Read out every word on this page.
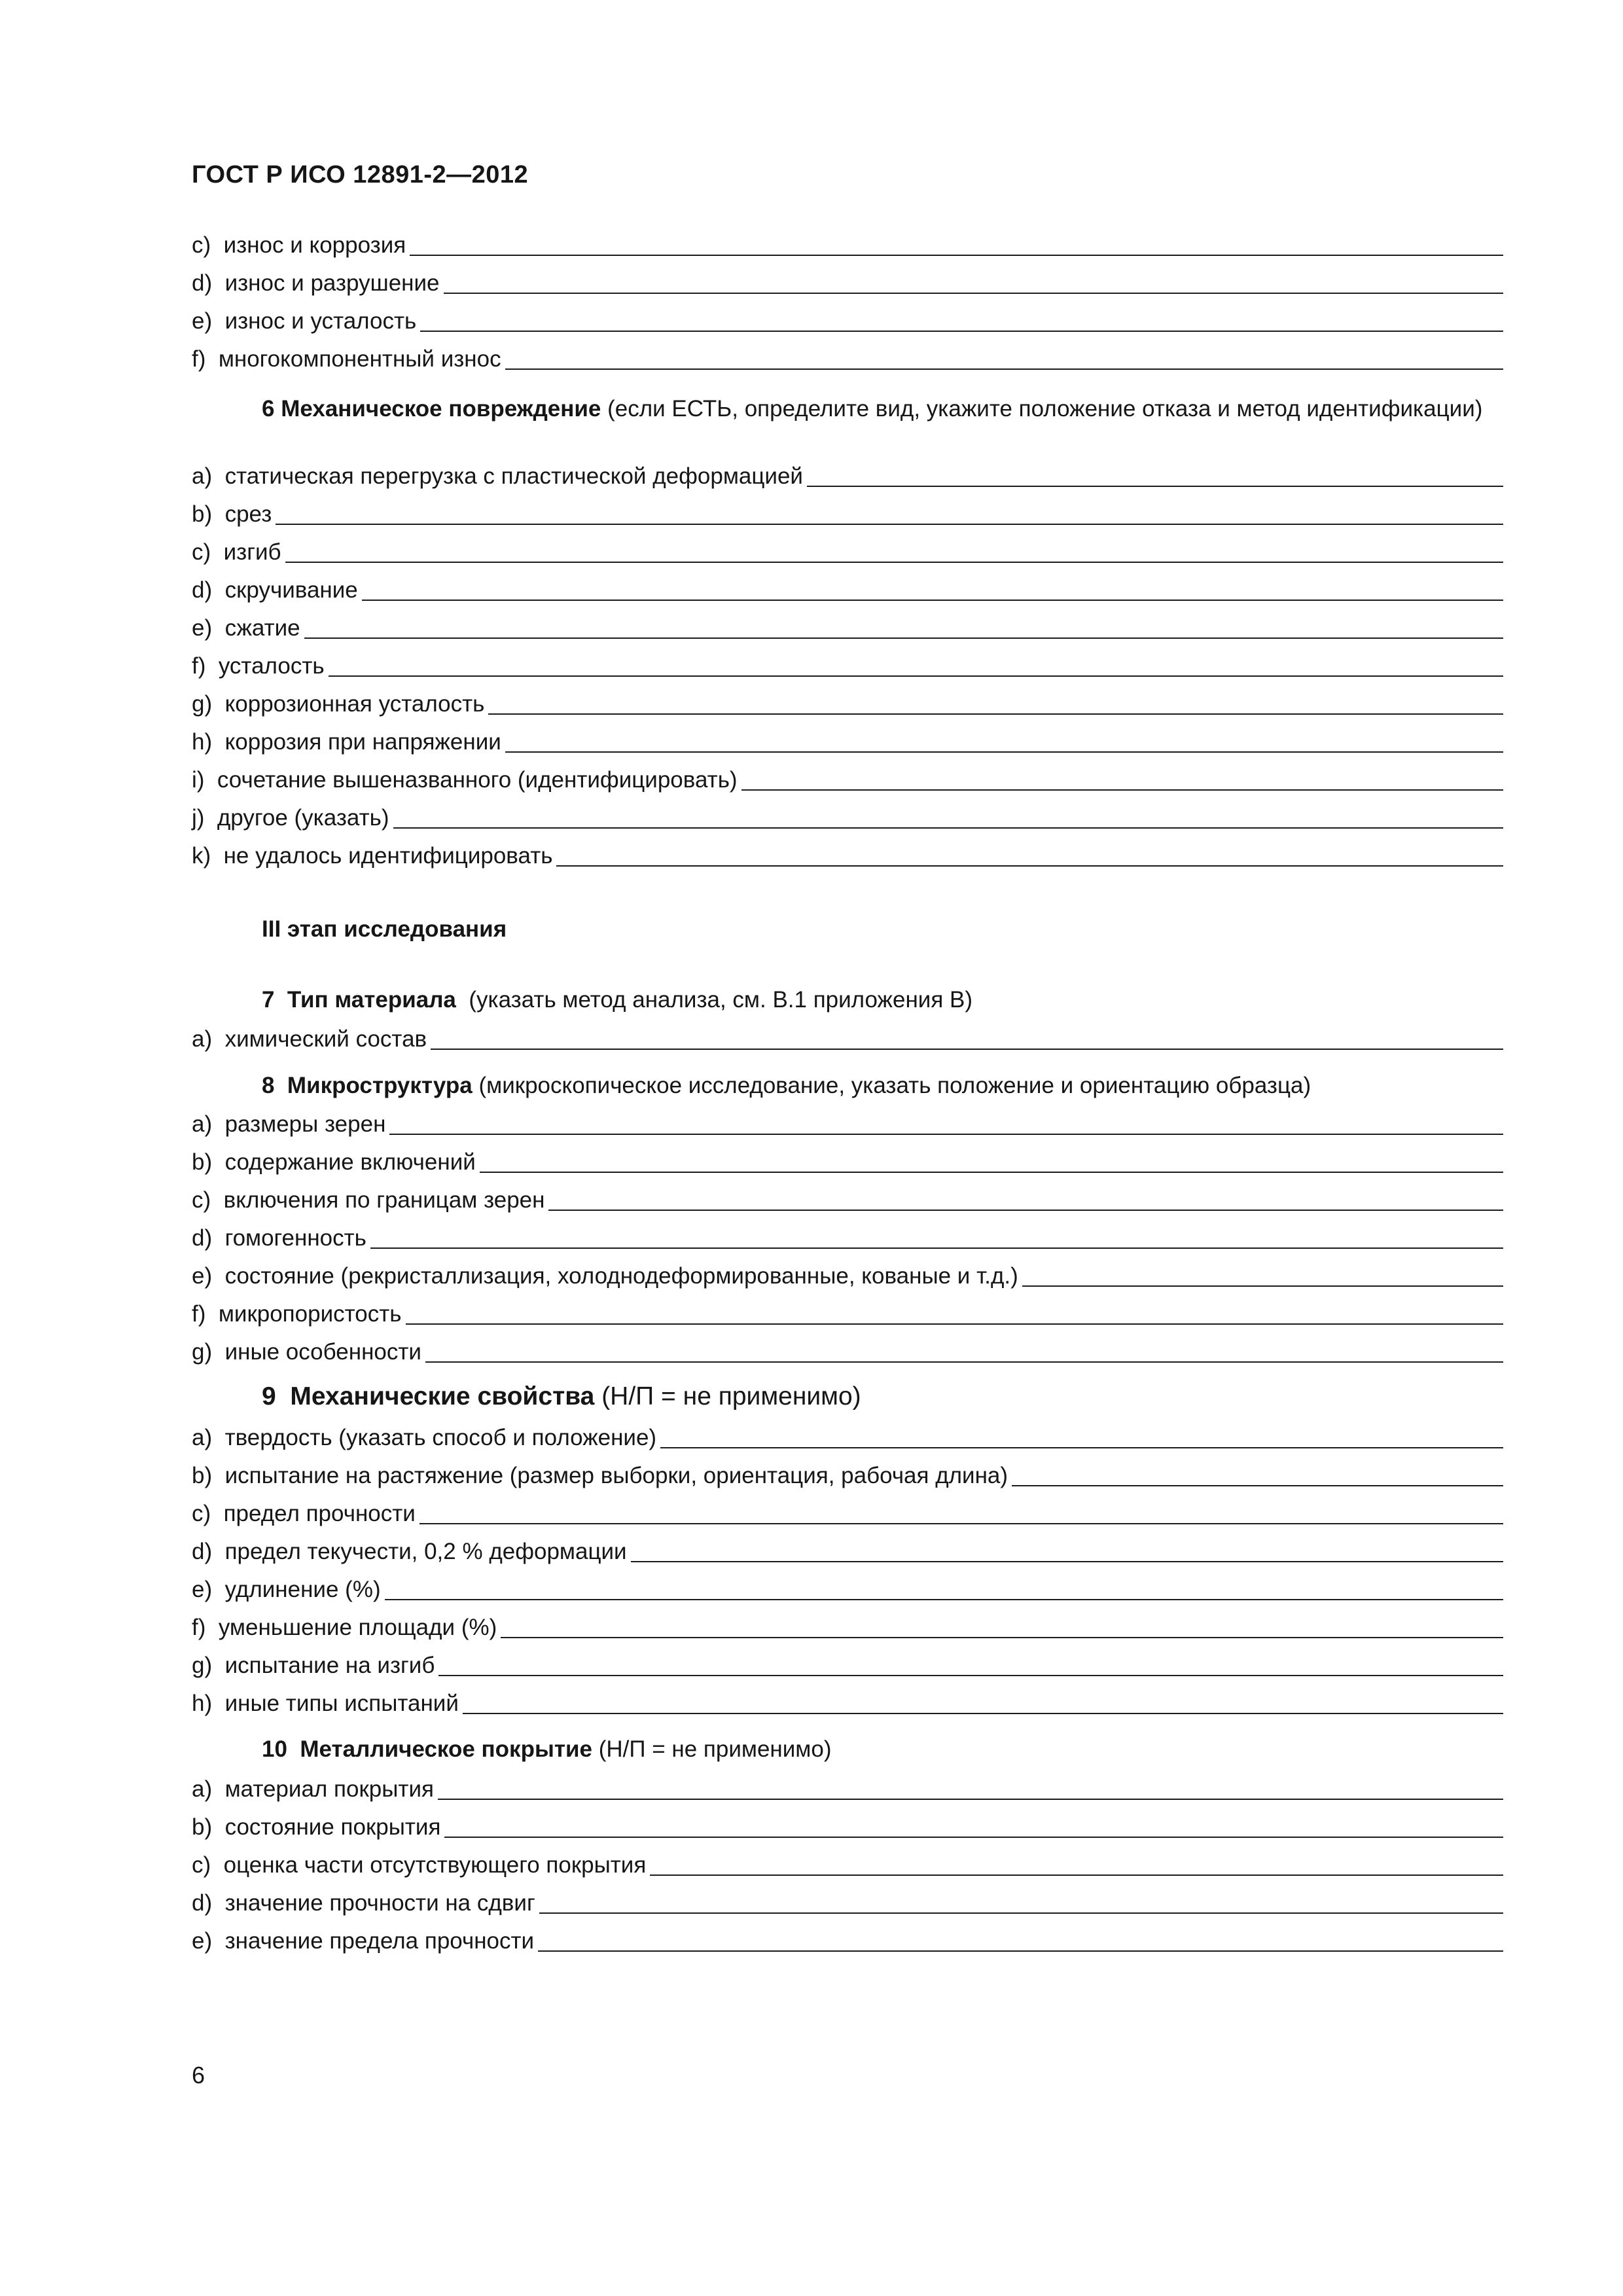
ГОСТ Р ИСО 12891-2—2012
c)  износ и коррозия
d)  износ и разрушение
e)  износ и усталость
f)  многокомпонентный износ
6 Механическое повреждение (если ЕСТЬ, определите вид, укажите положение отказа и метод идентификации)
a)  статическая перегрузка с пластической деформацией
b)  срез
c)  изгиб
d)  скручивание
e)  сжатие
f)  усталость
g)  коррозионная усталость
h)  коррозия при напряжении
i)  сочетание вышеназванного (идентифицировать)
j)  другое (указать)
k)  не удалось идентифицировать
III этап исследования
7  Тип материала  (указать метод анализа, см. В.1 приложения В)
a)  химический состав
8  Микроструктура (микроскопическое исследование, указать положение и ориентацию образца)
a)  размеры зерен
b)  содержание включений
c)  включения по границам зерен
d)  гомогенность
e)  состояние (рекристаллизация, холоднодеформированные, кованые и т.д.)
f)  микропористость
g)  иные особенности
9  Механические свойства (Н/П = не применимо)
a)  твердость (указать способ и положение)
b)  испытание на растяжение (размер выборки, ориентация, рабочая длина)
c)  предел прочности
d)  предел текучести, 0,2 % деформации
e)  удлинение (%)
f)  уменьшение площади (%)
g)  испытание на изгиб
h)  иные типы испытаний
10  Металлическое покрытие (Н/П = не применимо)
a)  материал покрытия
b)  состояние покрытия
c)  оценка части отсутствующего покрытия
d)  значение прочности на сдвиг
e)  значение предела прочности
6
